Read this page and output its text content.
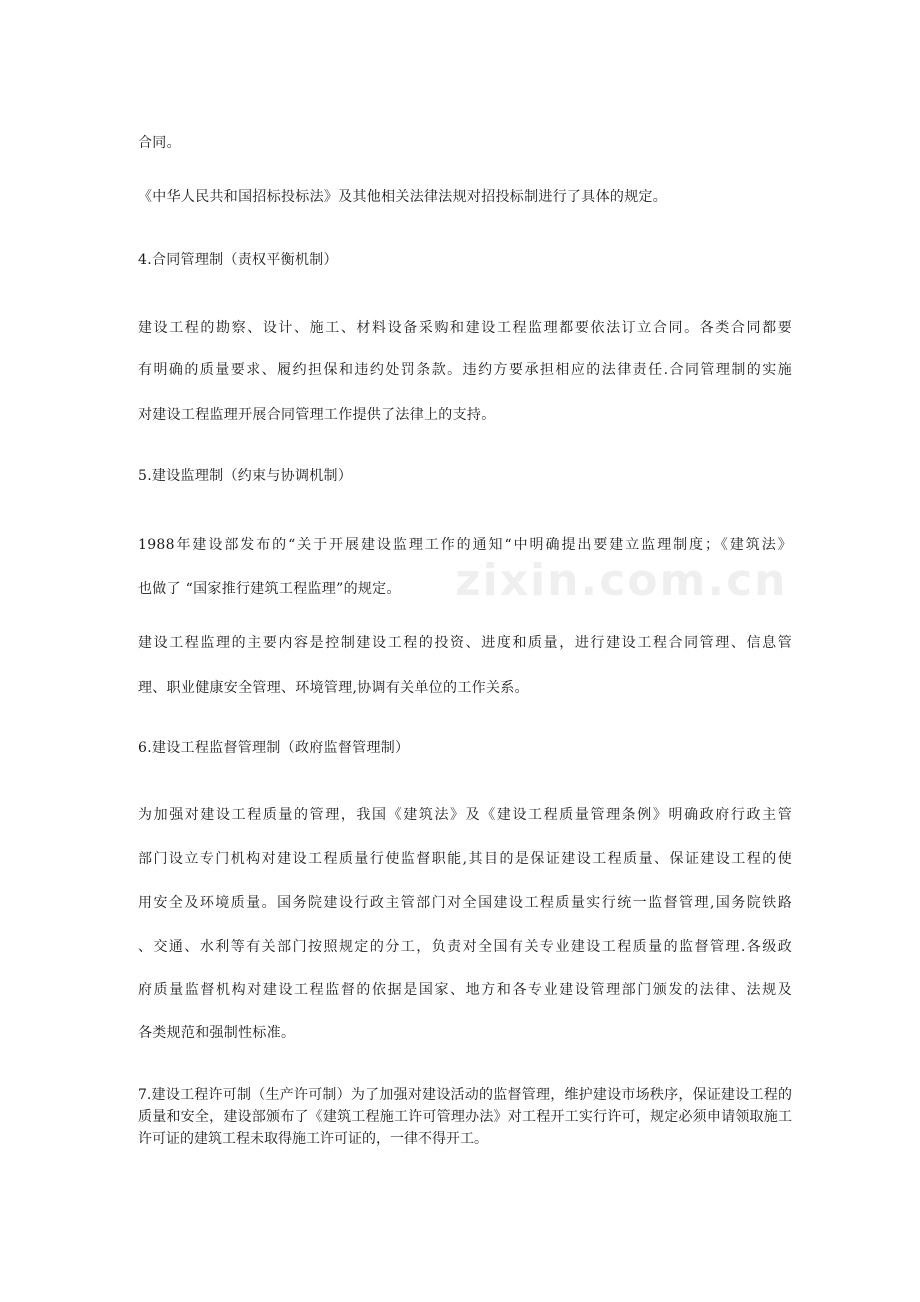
合同。
《中华人民共和国招标投标法》及其他相关法律法规对招投标制进行了具体的规定。
4.合同管理制（责权平衡机制）
建设工程的勘察、设计、施工、材料设备采购和建设工程监理都要依法订立合同。各类合同都要
有明确的质量要求、履约担保和违约处罚条款。违约方要承担相应的法律责任.合同管理制的实施
对建设工程监理开展合同管理工作提供了法律上的支持。
5.建设监理制（约束与协调机制）
1988年建设部发布的“关于开展建设监理工作的通知“中明确提出要建立监理制度；《建筑法》
也做了 “国家推行建筑工程监理”的规定。
建设工程监理的主要内容是控制建设工程的投资、进度和质量，进行建设工程合同管理、信息管
理、职业健康安全管理、环境管理,协调有关单位的工作关系。
6.建设工程监督管理制（政府监督管理制）
为加强对建设工程质量的管理，我国《建筑法》及《建设工程质量管理条例》明确政府行政主管
部门设立专门机构对建设工程质量行使监督职能,其目的是保证建设工程质量、保证建设工程的使
用安全及环境质量。国务院建设行政主管部门对全国建设工程质量实行统一监督管理,国务院铁路
、交通、水利等有关部门按照规定的分工，负责对全国有关专业建设工程质量的监督管理.各级政
府质量监督机构对建设工程监督的依据是国家、地方和各专业建设管理部门颁发的法律、法规及
各类规范和强制性标准。

7.建设工程许可制（生产许可制）为了加强对建设活动的监督管理，维护建设市场秩序，保证建设工程的质量和安全，建设部颁布了《建筑工程施工许可管理办法》对工程开工实行许可，规定必须申请领取施工许可证的建筑工程未取得施工许可证的，一律不得开工。

zixin.com.cn
